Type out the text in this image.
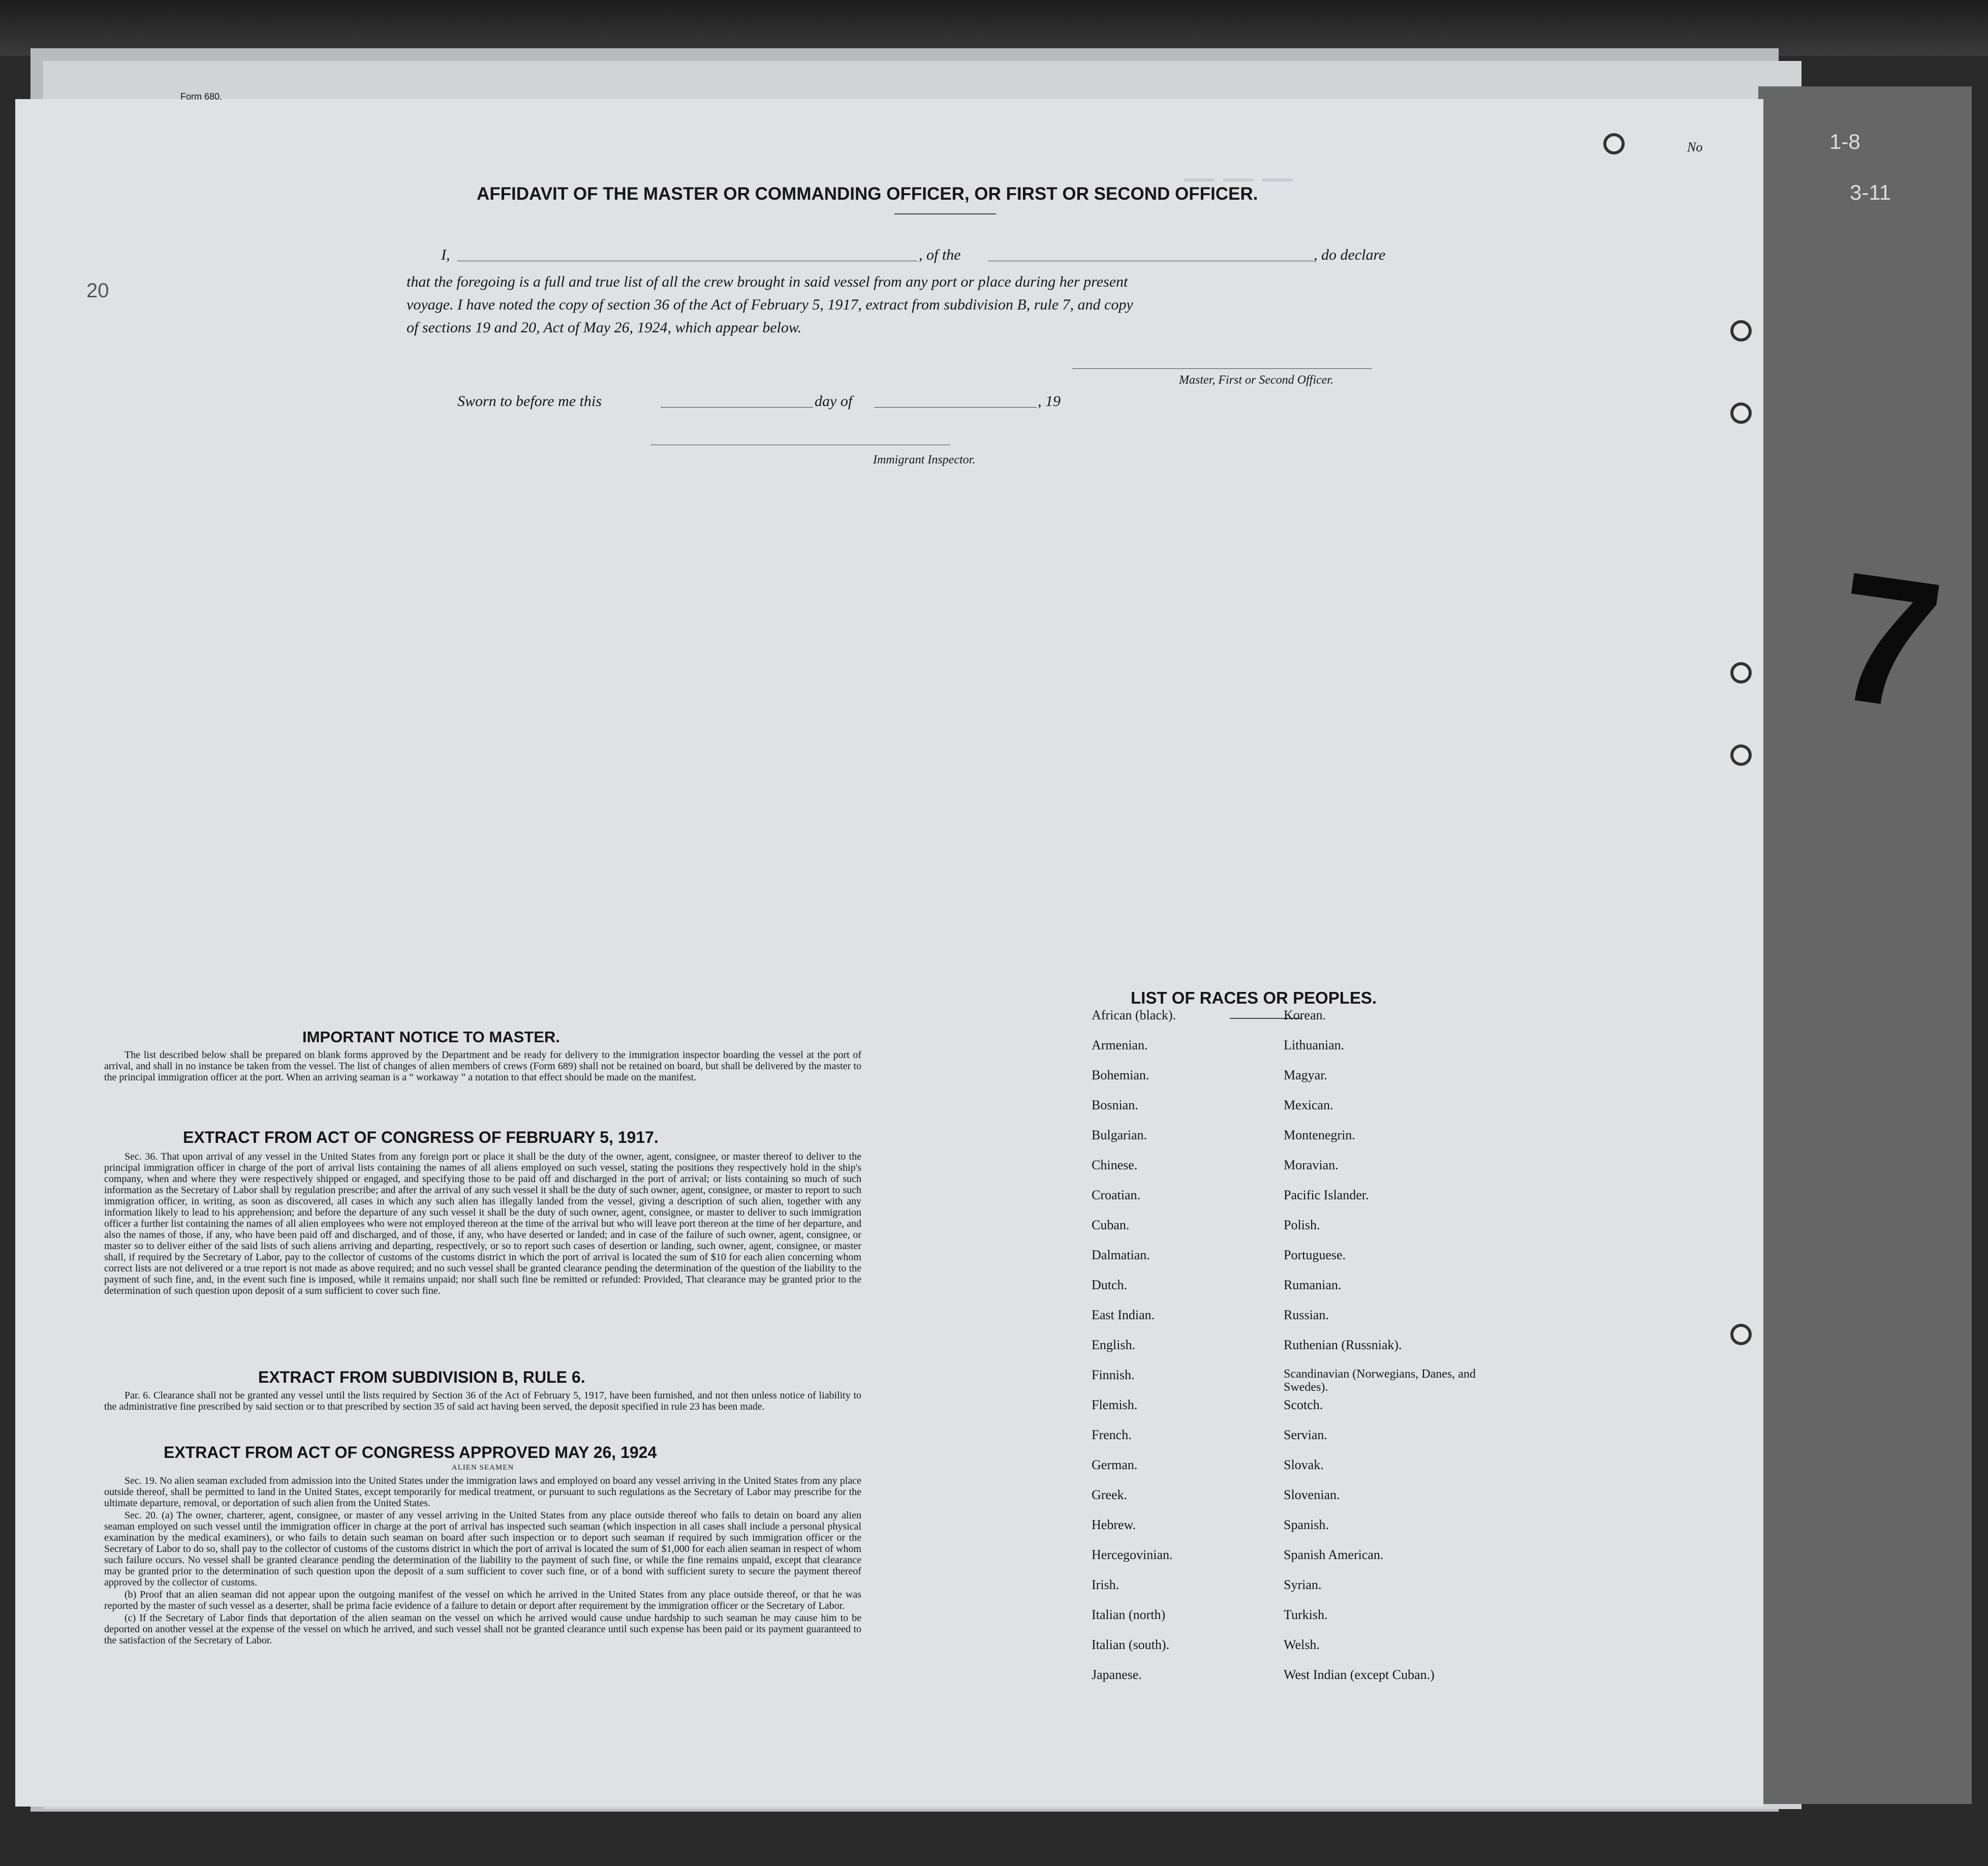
Form 680.
— — —
AFFIDAVIT OF THE MASTER OR COMMANDING OFFICER, OR FIRST OR SECOND OFFICER.
I,	, of the	, do declare
that the foregoing is a full and true list of all the crew brought in said vessel from any port or place during her present
voyage. I have noted the copy of section 36 of the Act of February 5, 1917, extract from subdivision B, rule 7, and copy
of sections 19 and 20, Act of May 26, 1924, which appear below.
Master, First or Second Officer.
Sworn to before me this	day of	, 19
Immigrant Inspector.
IMPORTANT NOTICE TO MASTER.

The list described below shall be prepared on blank forms approved by the Department and be ready for delivery to the immigration inspector boarding the vessel at the port of arrival, and shall in no instance be taken from the vessel. The list of changes of alien members of crews (Form 689) shall not be retained on board, but shall be delivered by the master to the principal immigration officer at the port. When an arriving seaman is a “ workaway ” a notation to that effect should be made on the manifest.

EXTRACT FROM ACT OF CONGRESS OF FEBRUARY 5, 1917.

Sec. 36. That upon arrival of any vessel in the United States from any foreign port or place it shall be the duty of the owner, agent, consignee, or master thereof to deliver to the principal immigration officer in charge of the port of arrival lists containing the names of all aliens employed on such vessel, stating the positions they respectively hold in the ship's company, when and where they were respectively shipped or engaged, and specifying those to be paid off and discharged in the port of arrival; or lists containing so much of such information as the Secretary of Labor shall by regulation prescribe; and after the arrival of any such vessel it shall be the duty of such owner, agent, consignee, or master to report to such immigration officer, in writing, as soon as discovered, all cases in which any such alien has illegally landed from the vessel, giving a description of such alien, together with any information likely to lead to his apprehension; and before the departure of any such vessel it shall be the duty of such owner, agent, consignee, or master to deliver to such immigration officer a further list containing the names of all alien employees who were not employed thereon at the time of the arrival but who will leave port thereon at the time of her departure, and also the names of those, if any, who have been paid off and discharged, and of those, if any, who have deserted or landed; and in case of the failure of such owner, agent, consignee, or master so to deliver either of the said lists of such aliens arriving and departing, respectively, or so to report such cases of desertion or landing, such owner, agent, consignee, or master shall, if required by the Secretary of Labor, pay to the collector of customs of the customs district in which the port of arrival is located the sum of $10 for each alien concerning whom correct lists are not delivered or a true report is not made as above required; and no such vessel shall be granted clearance pending the determination of the question of the liability to the payment of such fine, and, in the event such fine is imposed, while it remains unpaid; nor shall such fine be remitted or refunded: Provided, That clearance may be granted prior to the determination of such question upon deposit of a sum sufficient to cover such fine.

EXTRACT FROM SUBDIVISION B, RULE 6.

Par. 6. Clearance shall not be granted any vessel until the lists required by Section 36 of the Act of February 5, 1917, have been furnished, and not then unless notice of liability to the administrative fine prescribed by said section or to that prescribed by section 35 of said act having been served, the deposit specified in rule 23 has been made.

EXTRACT FROM ACT OF CONGRESS APPROVED MAY 26, 1924
ALIEN SEAMEN

Sec. 19. No alien seaman excluded from admission into the United States under the immigration laws and employed on board any vessel arriving in the United States from any place outside thereof, shall be permitted to land in the United States, except temporarily for medical treatment, or pursuant to such regulations as the Secretary of Labor may prescribe for the ultimate departure, removal, or deportation of such alien from the United States.

Sec. 20. (a) The owner, charterer, agent, consignee, or master of any vessel arriving in the United States from any place outside thereof who fails to detain on board any alien seaman employed on such vessel until the immigration officer in charge at the port of arrival has inspected such seaman (which inspection in all cases shall include a personal physical examination by the medical examiners), or who fails to detain such seaman on board after such inspection or to deport such seaman if required by such immigration officer or the Secretary of Labor to do so, shall pay to the collector of customs of the customs district in which the port of arrival is located the sum of $1,000 for each alien seaman in respect of whom such failure occurs. No vessel shall be granted clearance pending the determination of the liability to the payment of such fine, or while the fine remains unpaid, except that clearance may be granted prior to the determination of such question upon the deposit of a sum sufficient to cover such fine, or of a bond with sufficient surety to secure the payment thereof approved by the collector of customs.

(b) Proof that an alien seaman did not appear upon the outgoing manifest of the vessel on which he arrived in the United States from any place outside thereof, or that he was reported by the master of such vessel as a deserter, shall be prima facie evidence of a failure to detain or deport after requirement by the immigration officer or the Secretary of Labor.

(c) If the Secretary of Labor finds that deportation of the alien seaman on the vessel on which he arrived would cause undue hardship to such seaman he may cause him to be deported on another vessel at the expense of the vessel on which he arrived, and such vessel shall not be granted clearance until such expense has been paid or its payment guaranteed to the satisfaction of the Secretary of Labor.

LIST OF RACES OR PEOPLES.
African (black).	Korean.
Armenian.	Lithuanian.
Bohemian.	Magyar.
Bosnian.	Mexican.
Bulgarian.	Montenegrin.
Chinese.	Moravian.
Croatian.	Pacific Islander.
Cuban.	Polish.
Dalmatian.	Portuguese.
Dutch.	Rumanian.
East Indian.	Russian.
English.	Ruthenian (Russniak).
Finnish.	Scandinavian (Norwegians, Danes, and Swedes).
Flemish.	Scotch.
French.	Servian.
German.	Slovak.
Greek.	Slovenian.
Hebrew.	Spanish.
Hercegovinian.	Spanish American.
Irish.	Syrian.
Italian (north)	Turkish.
Italian (south).	Welsh.
Japanese.	West Indian (except Cuban.)
No
7
20
1-8
3-11
